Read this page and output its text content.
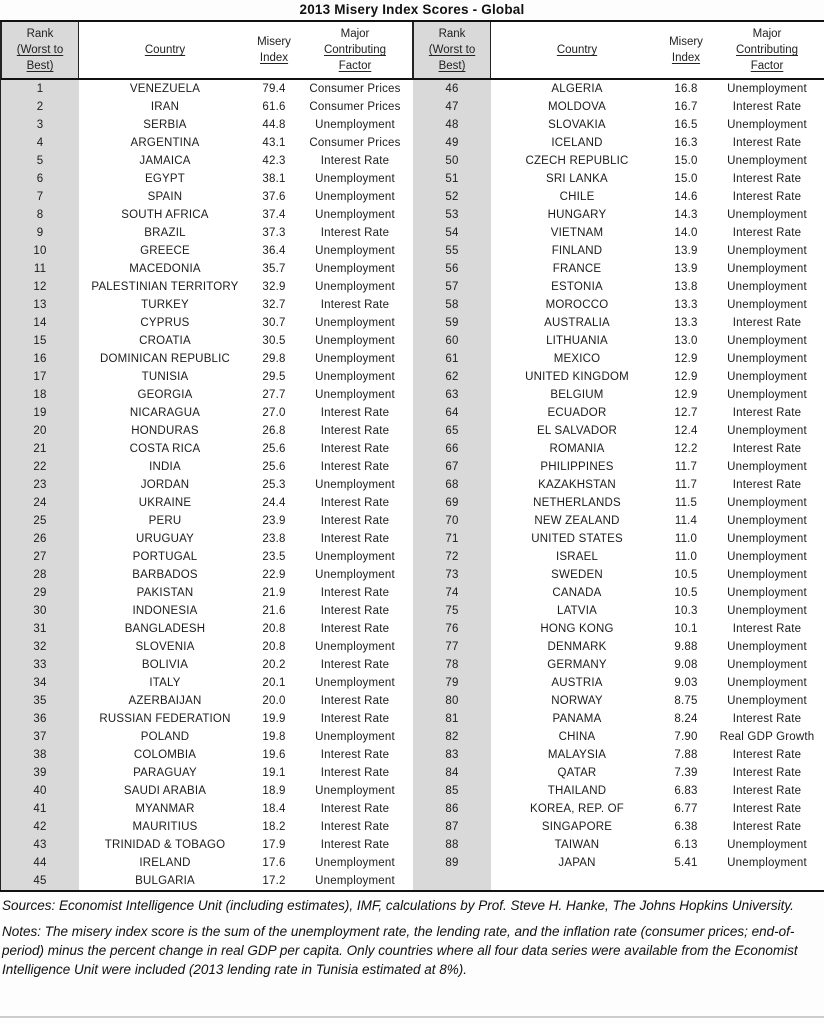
2013 Misery Index Scores - Global
Rank
(Worst to
Best)
Country
Misery
Index
Major
Contributing
Factor
1	VENEZUELA	79.4	Consumer Prices
2	IRAN	61.6	Consumer Prices
3	SERBIA	44.8	Unemployment
4	ARGENTINA	43.1	Consumer Prices
5	JAMAICA	42.3	Interest Rate
6	EGYPT	38.1	Unemployment
7	SPAIN	37.6	Unemployment
8	SOUTH AFRICA	37.4	Unemployment
9	BRAZIL	37.3	Interest Rate
10	GREECE	36.4	Unemployment
11	MACEDONIA	35.7	Unemployment
12	PALESTINIAN TERRITORY	32.9	Unemployment
13	TURKEY	32.7	Interest Rate
14	CYPRUS	30.7	Unemployment
15	CROATIA	30.5	Unemployment
16	DOMINICAN REPUBLIC	29.8	Unemployment
17	TUNISIA	29.5	Unemployment
18	GEORGIA	27.7	Unemployment
19	NICARAGUA	27.0	Interest Rate
20	HONDURAS	26.8	Interest Rate
21	COSTA RICA	25.6	Interest Rate
22	INDIA	25.6	Interest Rate
23	JORDAN	25.3	Unemployment
24	UKRAINE	24.4	Interest Rate
25	PERU	23.9	Interest Rate
26	URUGUAY	23.8	Interest Rate
27	PORTUGAL	23.5	Unemployment
28	BARBADOS	22.9	Unemployment
29	PAKISTAN	21.9	Interest Rate
30	INDONESIA	21.6	Interest Rate
31	BANGLADESH	20.8	Interest Rate
32	SLOVENIA	20.8	Unemployment
33	BOLIVIA	20.2	Interest Rate
34	ITALY	20.1	Unemployment
35	AZERBAIJAN	20.0	Interest Rate
36	RUSSIAN FEDERATION	19.9	Interest Rate
37	POLAND	19.8	Unemployment
38	COLOMBIA	19.6	Interest Rate
39	PARAGUAY	19.1	Interest Rate
40	SAUDI ARABIA	18.9	Unemployment
41	MYANMAR	18.4	Interest Rate
42	MAURITIUS	18.2	Interest Rate
43	TRINIDAD & TOBAGO	17.9	Interest Rate
44	IRELAND	17.6	Unemployment
45	BULGARIA	17.2	Unemployment
Rank
(Worst to
Best)
Country
Misery
Index
Major
Contributing
Factor
46	ALGERIA	16.8	Unemployment
47	MOLDOVA	16.7	Interest Rate
48	SLOVAKIA	16.5	Unemployment
49	ICELAND	16.3	Interest Rate
50	CZECH REPUBLIC	15.0	Unemployment
51	SRI LANKA	15.0	Interest Rate
52	CHILE	14.6	Interest Rate
53	HUNGARY	14.3	Unemployment
54	VIETNAM	14.0	Interest Rate
55	FINLAND	13.9	Unemployment
56	FRANCE	13.9	Unemployment
57	ESTONIA	13.8	Unemployment
58	MOROCCO	13.3	Unemployment
59	AUSTRALIA	13.3	Interest Rate
60	LITHUANIA	13.0	Unemployment
61	MEXICO	12.9	Unemployment
62	UNITED KINGDOM	12.9	Unemployment
63	BELGIUM	12.9	Unemployment
64	ECUADOR	12.7	Interest Rate
65	EL SALVADOR	12.4	Unemployment
66	ROMANIA	12.2	Interest Rate
67	PHILIPPINES	11.7	Unemployment
68	KAZAKHSTAN	11.7	Interest Rate
69	NETHERLANDS	11.5	Unemployment
70	NEW ZEALAND	11.4	Unemployment
71	UNITED STATES	11.0	Unemployment
72	ISRAEL	11.0	Unemployment
73	SWEDEN	10.5	Unemployment
74	CANADA	10.5	Unemployment
75	LATVIA	10.3	Unemployment
76	HONG KONG	10.1	Interest Rate
77	DENMARK	9.88	Unemployment
78	GERMANY	9.08	Unemployment
79	AUSTRIA	9.03	Unemployment
80	NORWAY	8.75	Unemployment
81	PANAMA	8.24	Interest Rate
82	CHINA	7.90	Real GDP Growth
83	MALAYSIA	7.88	Interest Rate
84	QATAR	7.39	Interest Rate
85	THAILAND	6.83	Interest Rate
86	KOREA, REP. OF	6.77	Interest Rate
87	SINGAPORE	6.38	Interest Rate
88	TAIWAN	6.13	Unemployment
89	JAPAN	5.41	Unemployment

Sources: Economist Intelligence Unit (including estimates), IMF, calculations by Prof. Steve H. Hanke, The Johns Hopkins University.

Notes: The misery index score is the sum of the unemployment rate, the lending rate, and the inflation rate (consumer prices; end-of-period) minus the percent change in real GDP per capita. Only countries where all four data series were available from the Economist Intelligence Unit were included (2013 lending rate in Tunisia estimated at 8%).
